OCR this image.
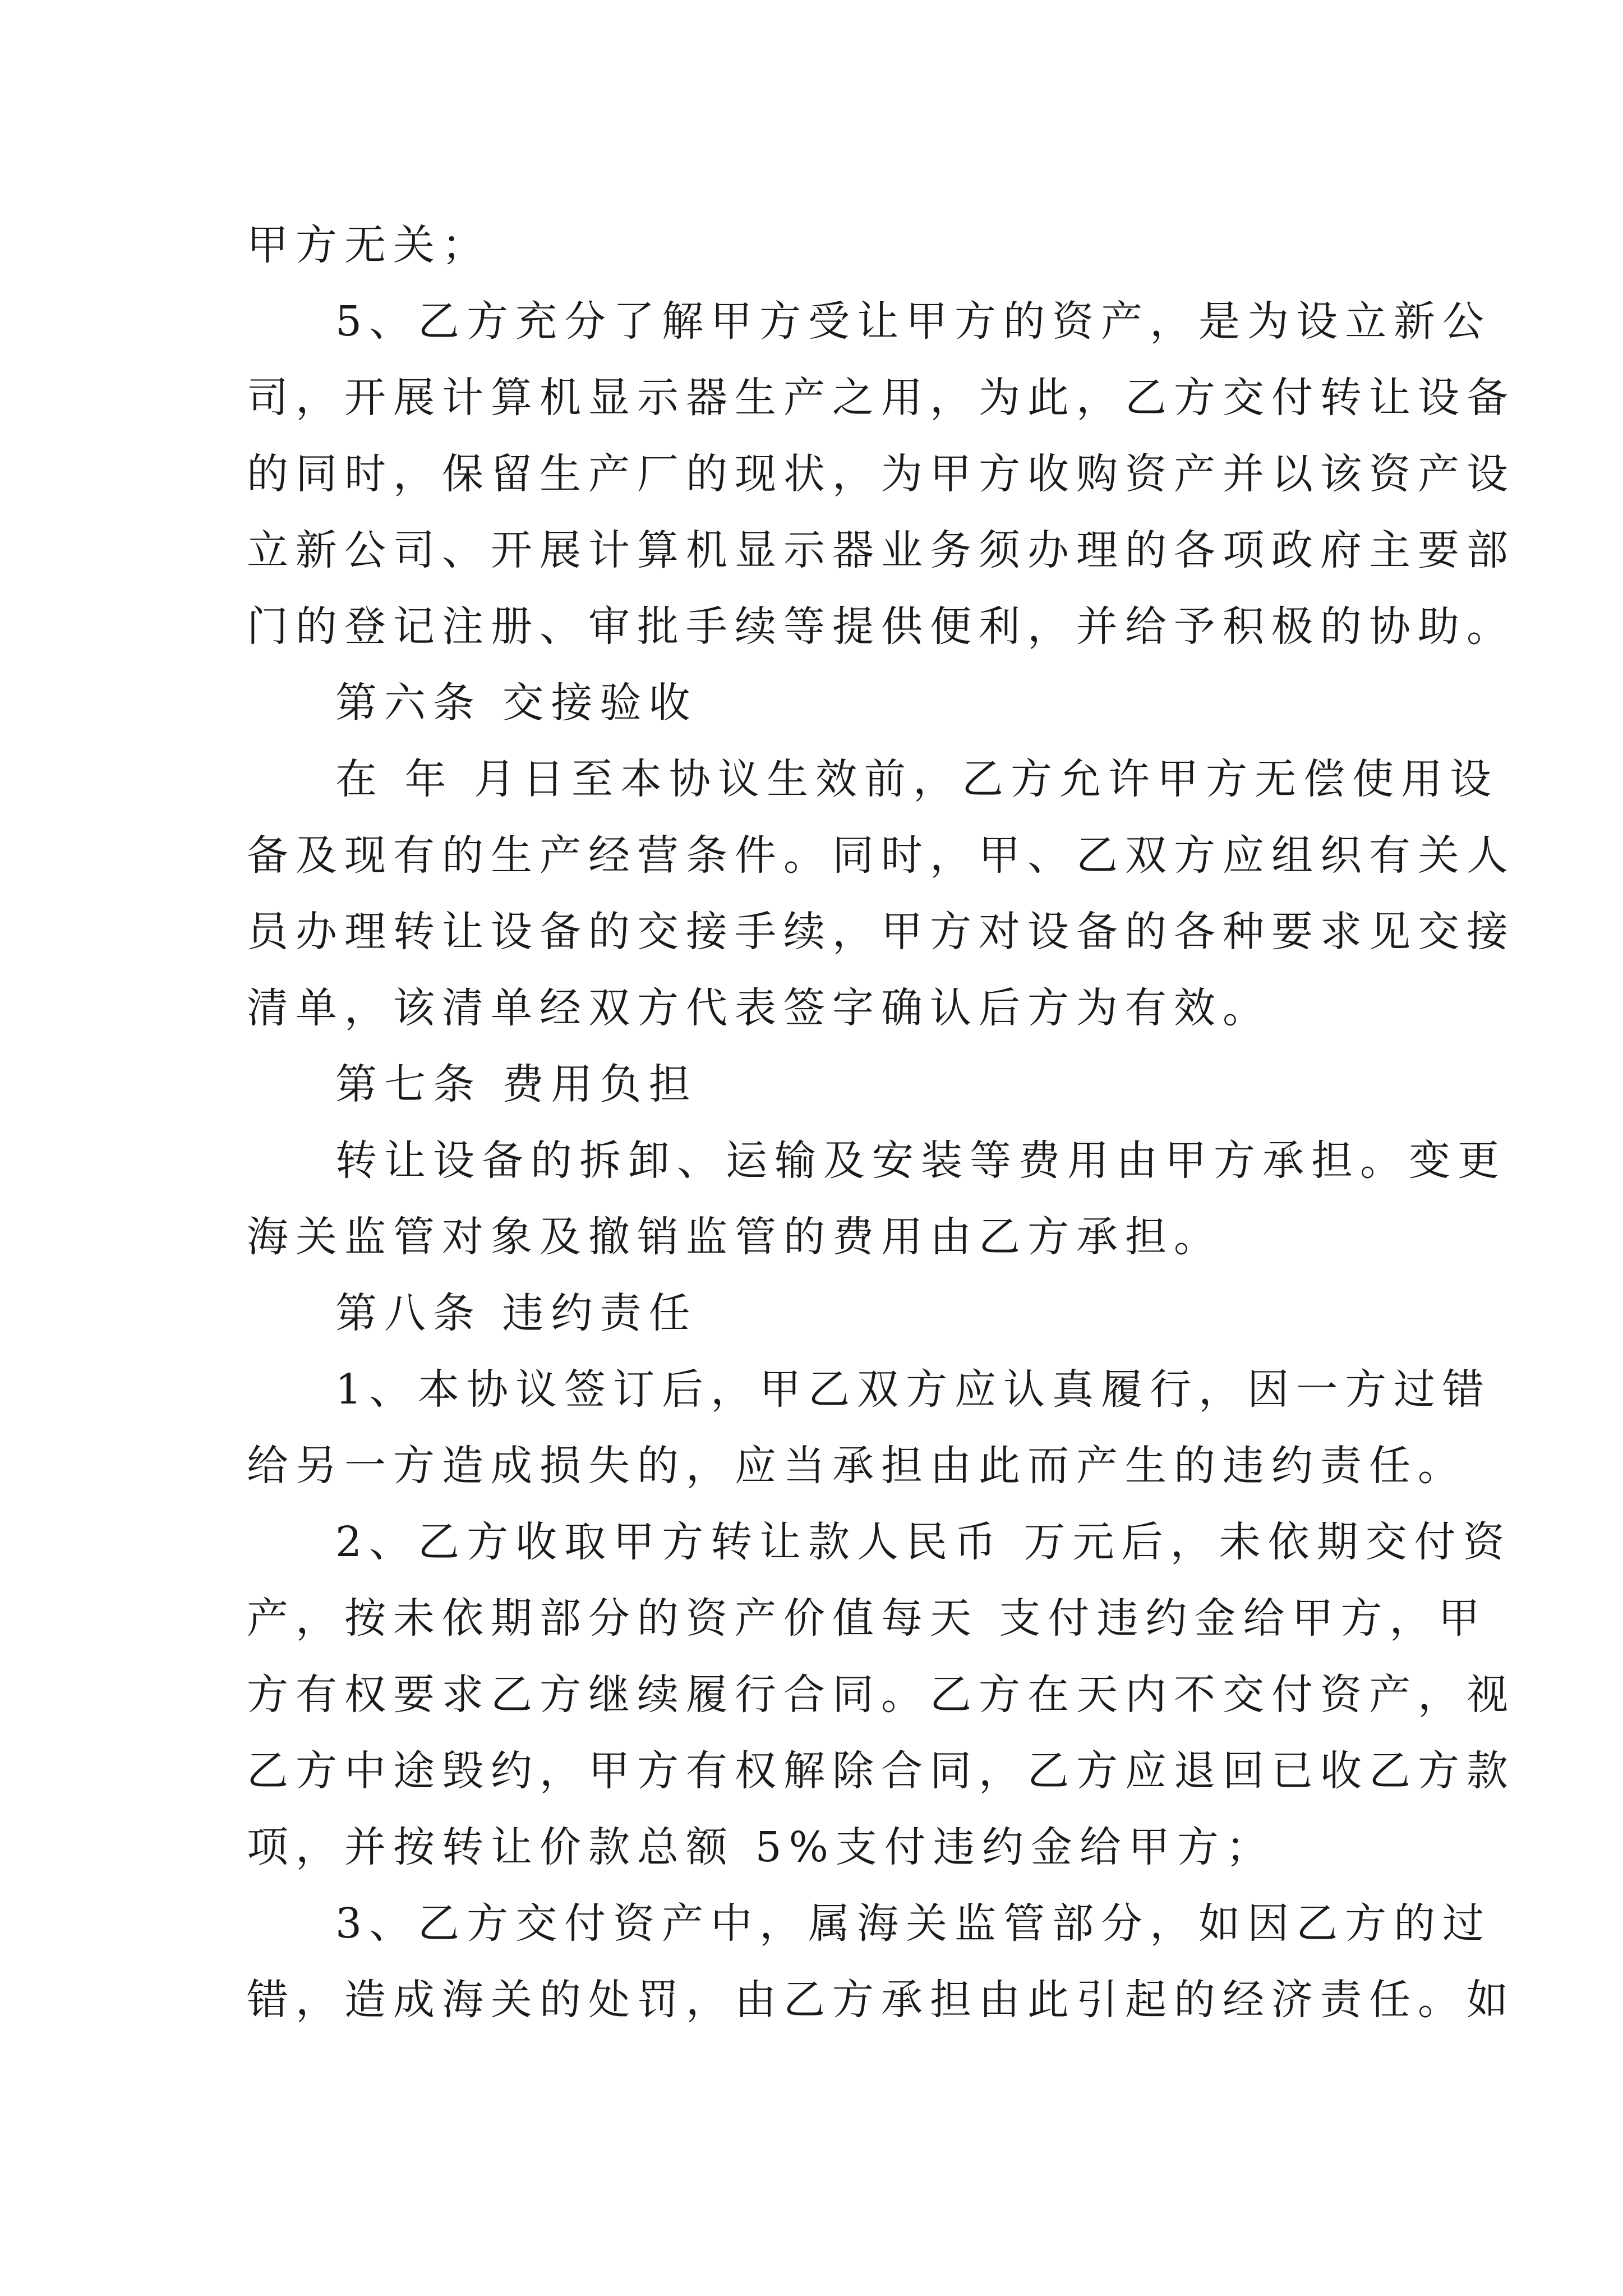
甲方无关；
5、乙方充分了解甲方受让甲方的资产，是为设立新公
司，开展计算机显示器生产之用，为此，乙方交付转让设备
的同时，保留生产厂的现状，为甲方收购资产并以该资产设
立新公司、开展计算机显示器业务须办理的各项政府主要部
门的登记注册、审批手续等提供便利，并给予积极的协助。
第六条 交接验收
在 年 月日至本协议生效前，乙方允许甲方无偿使用设
备及现有的生产经营条件。同时，甲、乙双方应组织有关人
员办理转让设备的交接手续，甲方对设备的各种要求见交接
清单，该清单经双方代表签字确认后方为有效。
第七条 费用负担
转让设备的拆卸、运输及安装等费用由甲方承担。变更
海关监管对象及撤销监管的费用由乙方承担。
第八条 违约责任
1、本协议签订后，甲乙双方应认真履行，因一方过错
给另一方造成损失的，应当承担由此而产生的违约责任。
2、乙方收取甲方转让款人民币 万元后，未依期交付资
产，按未依期部分的资产价值每天 支付违约金给甲方，甲
方有权要求乙方继续履行合同。乙方在天内不交付资产，视
乙方中途毁约，甲方有权解除合同，乙方应退回已收乙方款
项，并按转让价款总额 5%支付违约金给甲方；
3、乙方交付资产中，属海关监管部分，如因乙方的过
错，造成海关的处罚，由乙方承担由此引起的经济责任。如
